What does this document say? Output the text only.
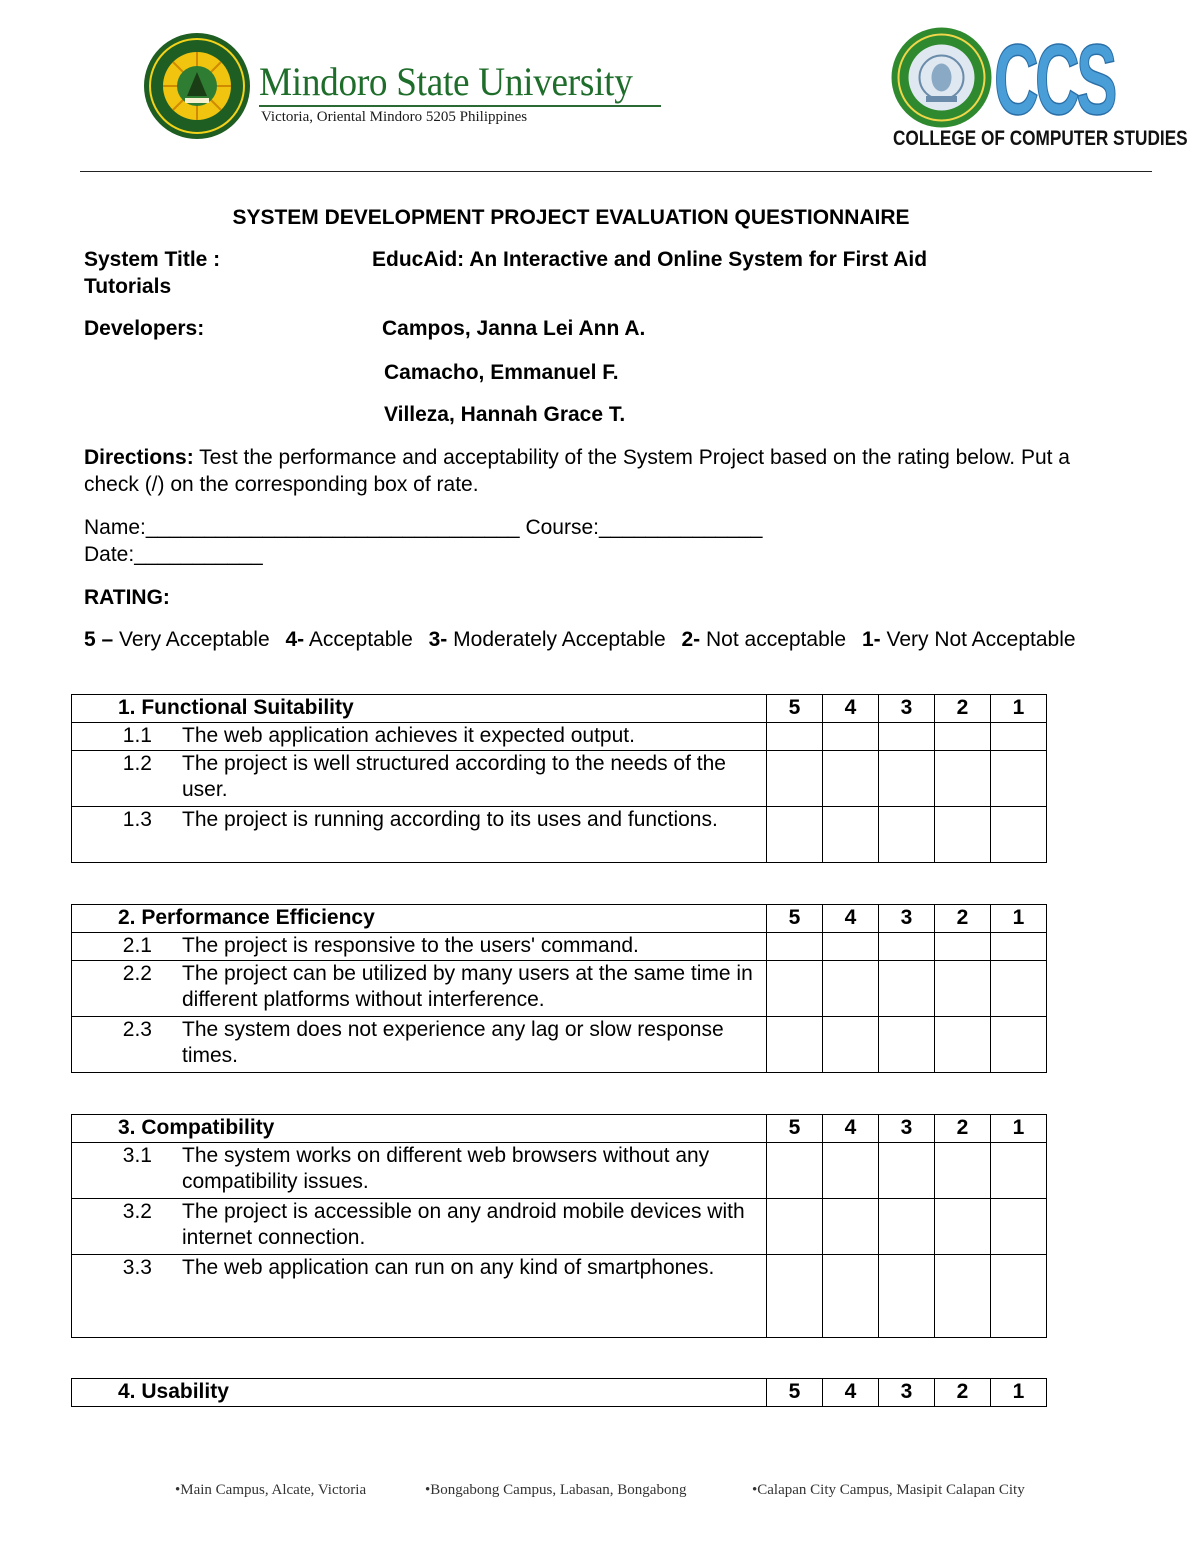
Mindoro State University
Victoria, Oriental Mindoro 5205 Philippines	CCS
COLLEGE OF COMPUTER STUDIES
SYSTEM DEVELOPMENT PROJECT EVALUATION QUESTIONNAIRE
System Title :	EducAid: An Interactive and Online System for First Aid
Tutorials
Developers:	Campos, Janna Lei Ann A.
Camacho, Emmanuel F.
Villeza, Hannah Grace T.
Directions: Test the performance and acceptability of the System Project based on the rating below. Put a check (/) on the corresponding box of rate.
Name:________________________________ Course:______________
Date:___________
RATING:
5 – Very Acceptable 4- Acceptable 3- Moderately Acceptable 2- Not acceptable 1- Very Not Acceptable
1. Functional Suitability	5	4	3	2	1

1.1 The web application achieves it expected output.					

1.2 The project is well structured according to the needs of the user.					

1.3 The project is running according to its uses and functions.					

2. Performance Efficiency	5	4	3	2	1

2.1 The project is responsive to the users' command.					

2.2 The project can be utilized by many users at the same time in different platforms without interference.					

2.3 The system does not experience any lag or slow response times.					

3. Compatibility	5	4	3	2	1

3.1 The system works on different web browsers without any compatibility issues.					

3.2 The project is accessible on any android mobile devices with internet connection.					

3.3 The web application can run on any kind of smartphones.					

4. Usability	5	4	3	2	1
•Main Campus, Alcate, Victoria	•Bongabong Campus, Labasan, Bongabong	•Calapan City Campus, Masipit Calapan City
